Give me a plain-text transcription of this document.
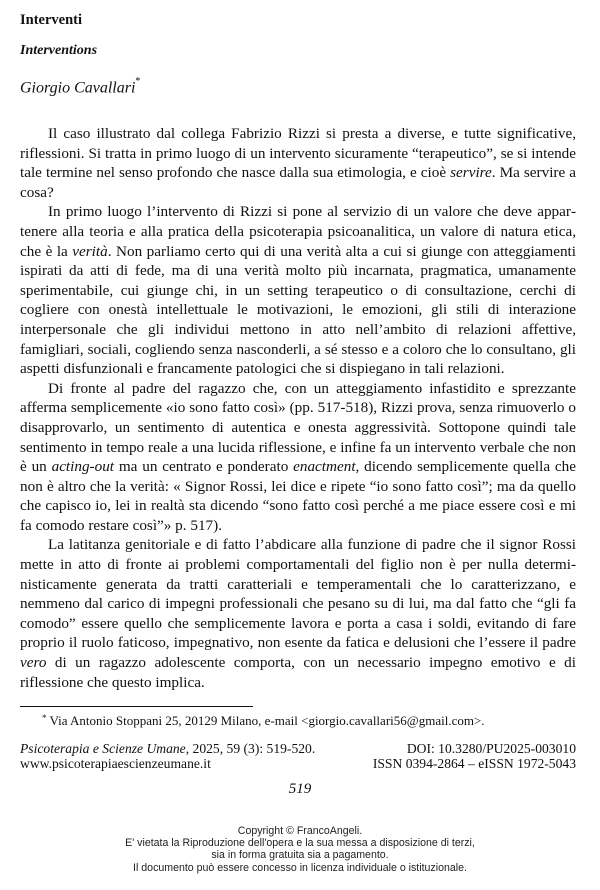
Interventi
Interventions
Giorgio Cavallari*

Il caso illustrato dal collega Fabrizio Rizzi si presta a diverse, e tutte significative, riflessioni. Si tratta in primo luogo di un intervento sicuramente “terapeutico”, se si intende tale termine nel senso profondo che nasce dalla sua etimologia, e cioè servire. Ma servire a cosa?

In primo luogo l’intervento di Rizzi si pone al servizio di un valore che deve appartenere alla teoria e alla pratica della psicoterapia psicoanalitica, un valore di natura etica, che è la verità. Non parliamo certo qui di una verità alta a cui si giunge con atteggiamenti ispirati da atti di fede, ma di una verità molto più incarnata, pragmatica, umanamente sperimentabile, cui giunge chi, in un setting terapeutico o di consultazione, cerchi di cogliere con onestà intellettuale le motivazioni, le emozioni, gli stili di interazione interpersonale che gli individui mettono in atto nell’ambito di relazioni affettive, famigliari, sociali, cogliendo senza nasconderli, a sé stesso e a coloro che lo consultano, gli aspetti disfunzionali e francamente patologici che si dispiegano in tali relazioni.

Di fronte al padre del ragazzo che, con un atteggiamento infastidito e sprezzante afferma semplicemente «io sono fatto così» (pp. 517-518), Rizzi prova, senza rimuoverlo o disapprovarlo, un sentimento di autentica e onesta aggressività. Sottopone quindi tale sentimento in tempo reale a una lucida riflessione, e infine fa un intervento verbale che non è un acting-out ma un centrato e ponderato enactment, dicendo semplicemente quella che non è altro che la verità: « Signor Rossi, lei dice e ripete “io sono fatto così”; ma da quello che capisco io, lei in realtà sta dicendo “sono fatto così perché a me piace essere così e mi fa comodo restare così”» p. 517).

La latitanza genitoriale e di fatto l’abdicare alla funzione di padre che il signor Rossi mette in atto di fronte ai problemi comportamentali del figlio non è per nulla deterministicamente generata da tratti caratteriali e temperamentali che lo caratterizzano, e nemmeno dal carico di impegni professionali che pesano su di lui, ma dal fatto che “gli fa comodo” essere quello che semplicemente lavora e porta a casa i soldi, evitando di fare proprio il ruolo faticoso, impegnativo, non esente da fatica e delusioni che l’essere il padre vero di un ragazzo adolescente comporta, con un necessario impegno emotivo e di riflessione che questo implica.

* Via Antonio Stoppani 25, 20129 Milano, e-mail <giorgio.cavallari56@gmail.com>.
Psicoterapia e Scienze Umane, 2025, 59 (3): 519-520.	DOI: 10.3280/PU2025-003010
www.psicoterapiaescienzeumane.it	ISSN 0394-2864 – eISSN 1972-5043
519
Copyright © FrancoAngeli.
E' vietata la Riproduzione dell'opera e la sua messa a disposizione di terzi,
sia in forma gratuita sia a pagamento.
Il documento può essere concesso in licenza individuale o istituzionale.
